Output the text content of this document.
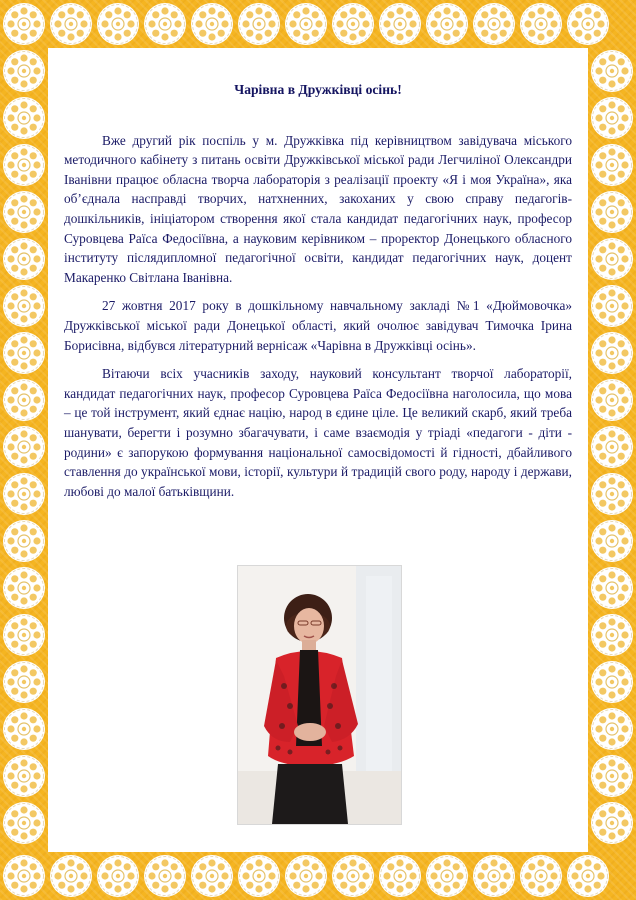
Чарівна в Дружківці осінь!

Вже другий рік поспіль у м. Дружківка під керівництвом завідувача міського методичного кабінету з питань освіти Дружківської міської ради Легчиліної Олександри Іванівни працює обласна творча лабораторія з реалізації проекту «Я і моя Україна», яка об’єднала насправді творчих, натхненних, закоханих у свою справу педагогів-дошкільників, ініціатором створення якої стала кандидат педагогічних наук, професор Суровцева Раїса Федосіївна, а науковим керівником – проректор Донецького обласного інституту післядипломної педагогічної освіти, кандидат педагогічних наук, доцент Макаренко Світлана Іванівна.

27 жовтня 2017 року в дошкільному навчальному закладі №1 «Дюймовочка» Дружківської міської ради Донецької області, який очолює завідувач Тимочка Ірина Борисівна, відбувся літературний вернісаж «Чарівна в Дружківці осінь».

Вітаючи всіх учасників заходу, науковий консультант творчої лабораторії, кандидат педагогічних наук, професор Суровцева Раїса Федосіївна наголосила, що мова – це той інструмент, який єднає націю, народ в єдине ціле. Це великий скарб, який треба шанувати, берегти і розумно збагачувати, і саме взаємодія у тріаді «педагоги - діти - родини» є запорукою формування національної самосвідомості й гідності, дбайливого ставлення до української мови, історії, культури й традицій свого роду, народу і держави, любові до малої батьківщини.
